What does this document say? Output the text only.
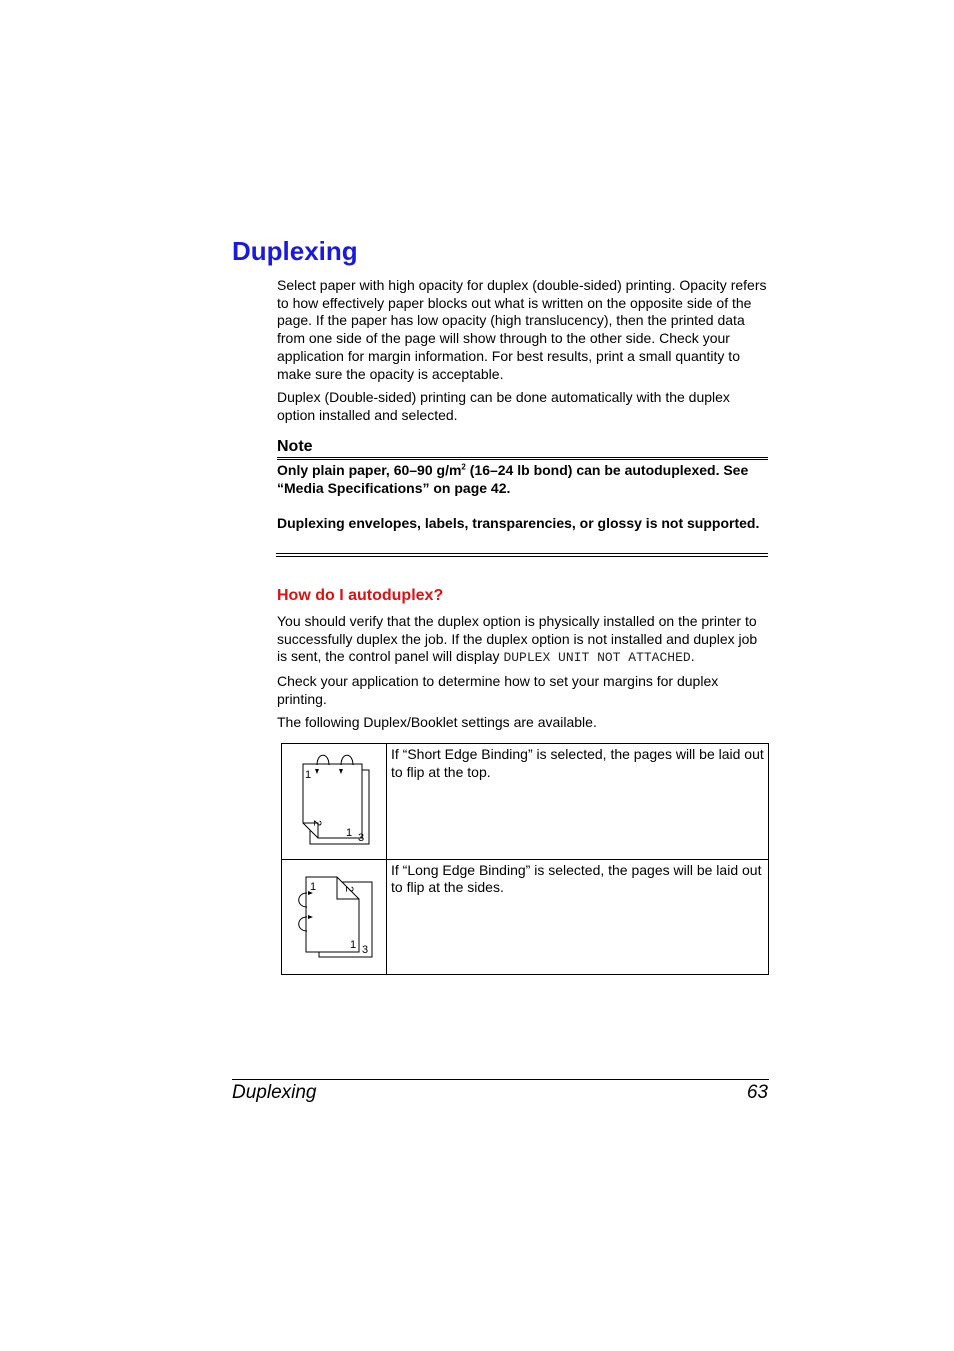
Duplexing

Select paper with high opacity for duplex (double-sided) printing. Opacity refers to how effectively paper blocks out what is written on the opposite side of the page. If the paper has low opacity (high translucency), then the printed data from one side of the page will show through to the other side. Check your application for margin information. For best results, print a small quantity to make sure the opacity is acceptable.

Duplex (Double-sided) printing can be done automatically with the duplex option installed and selected.

Note

Only plain paper, 60–90 $g/m^2$ (16–24 lb bond) can be autoduplexed. See “Media Specifications” on page 42.

Duplexing envelopes, labels, transparencies, or glossy is not supported.

How do I autoduplex?

You should verify that the duplex option is physically installed on the printer to successfully duplex the job. If the duplex option is not installed and duplex job is sent, the control panel will display DUPLEX UNIT NOT ATTACHED.

Check your application to determine how to set your margins for duplex printing.

The following Duplex/Booklet settings are available.

1
2
1 3	If “Short Edge Binding” is selected, the pages will be laid out to flip at the top.

1 2
1 3	If “Long Edge Binding” is selected, the pages will be laid out to flip at the sides.
Duplexing	63
